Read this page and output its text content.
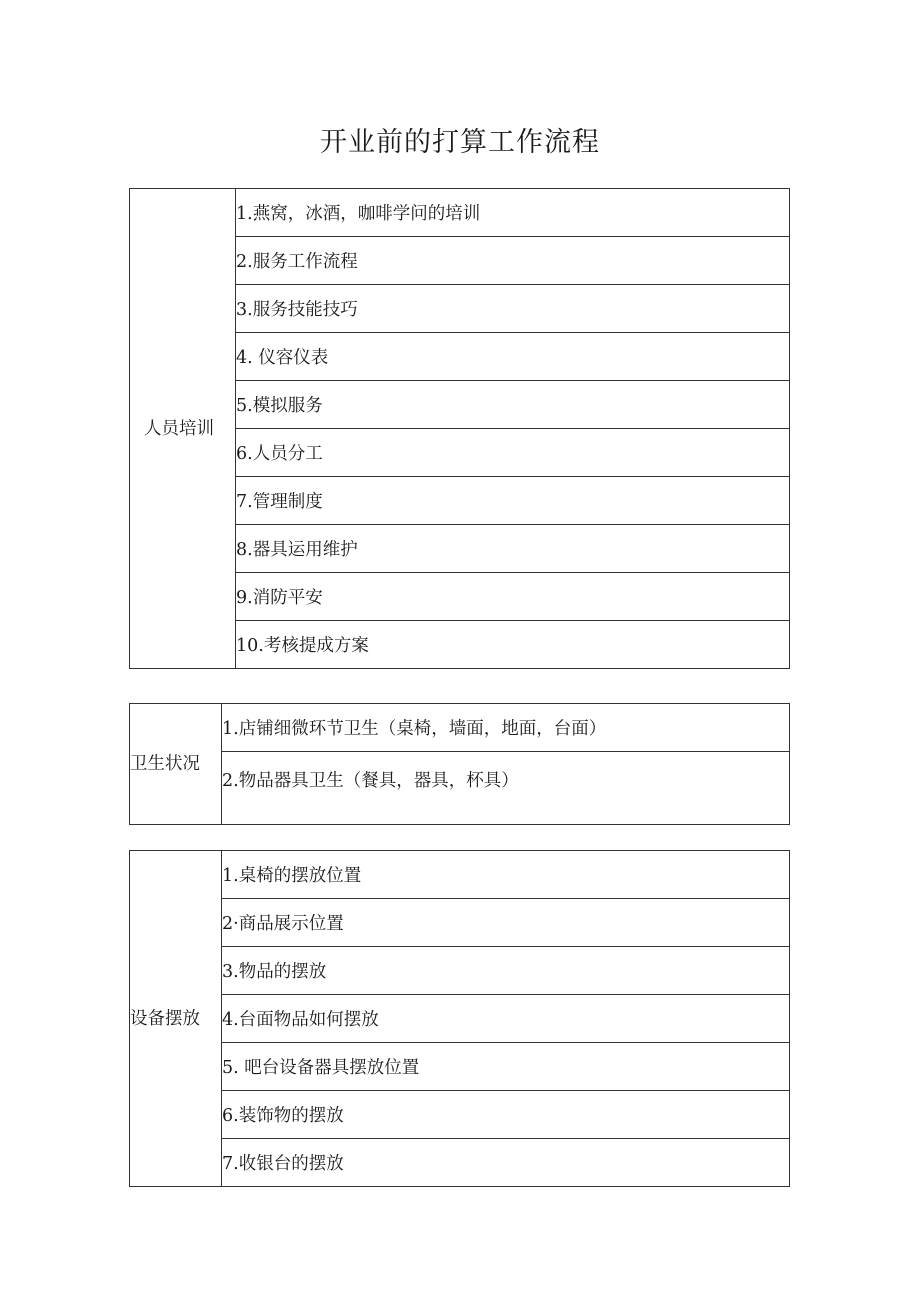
开业前的打算工作流程
人员培训
	1.燕窝，冰酒，咖啡学问的培训
2.服务工作流程
3.服务技能技巧
4. 仪容仪表
5.模拟服务
6.人员分工
7.管理制度
8.器具运用维护
9.消防平安
10.考核提成方案
卫生状况
	1.店铺细微环节卫生（桌椅，墙面，地面，台面）
2.物品器具卫生（餐具，器具，杯具）
设备摆放
	1.桌椅的摆放位置
2·商品展示位置
3.物品的摆放
4.台面物品如何摆放
5. 吧台设备器具摆放位置
6.装饰物的摆放
7.收银台的摆放
